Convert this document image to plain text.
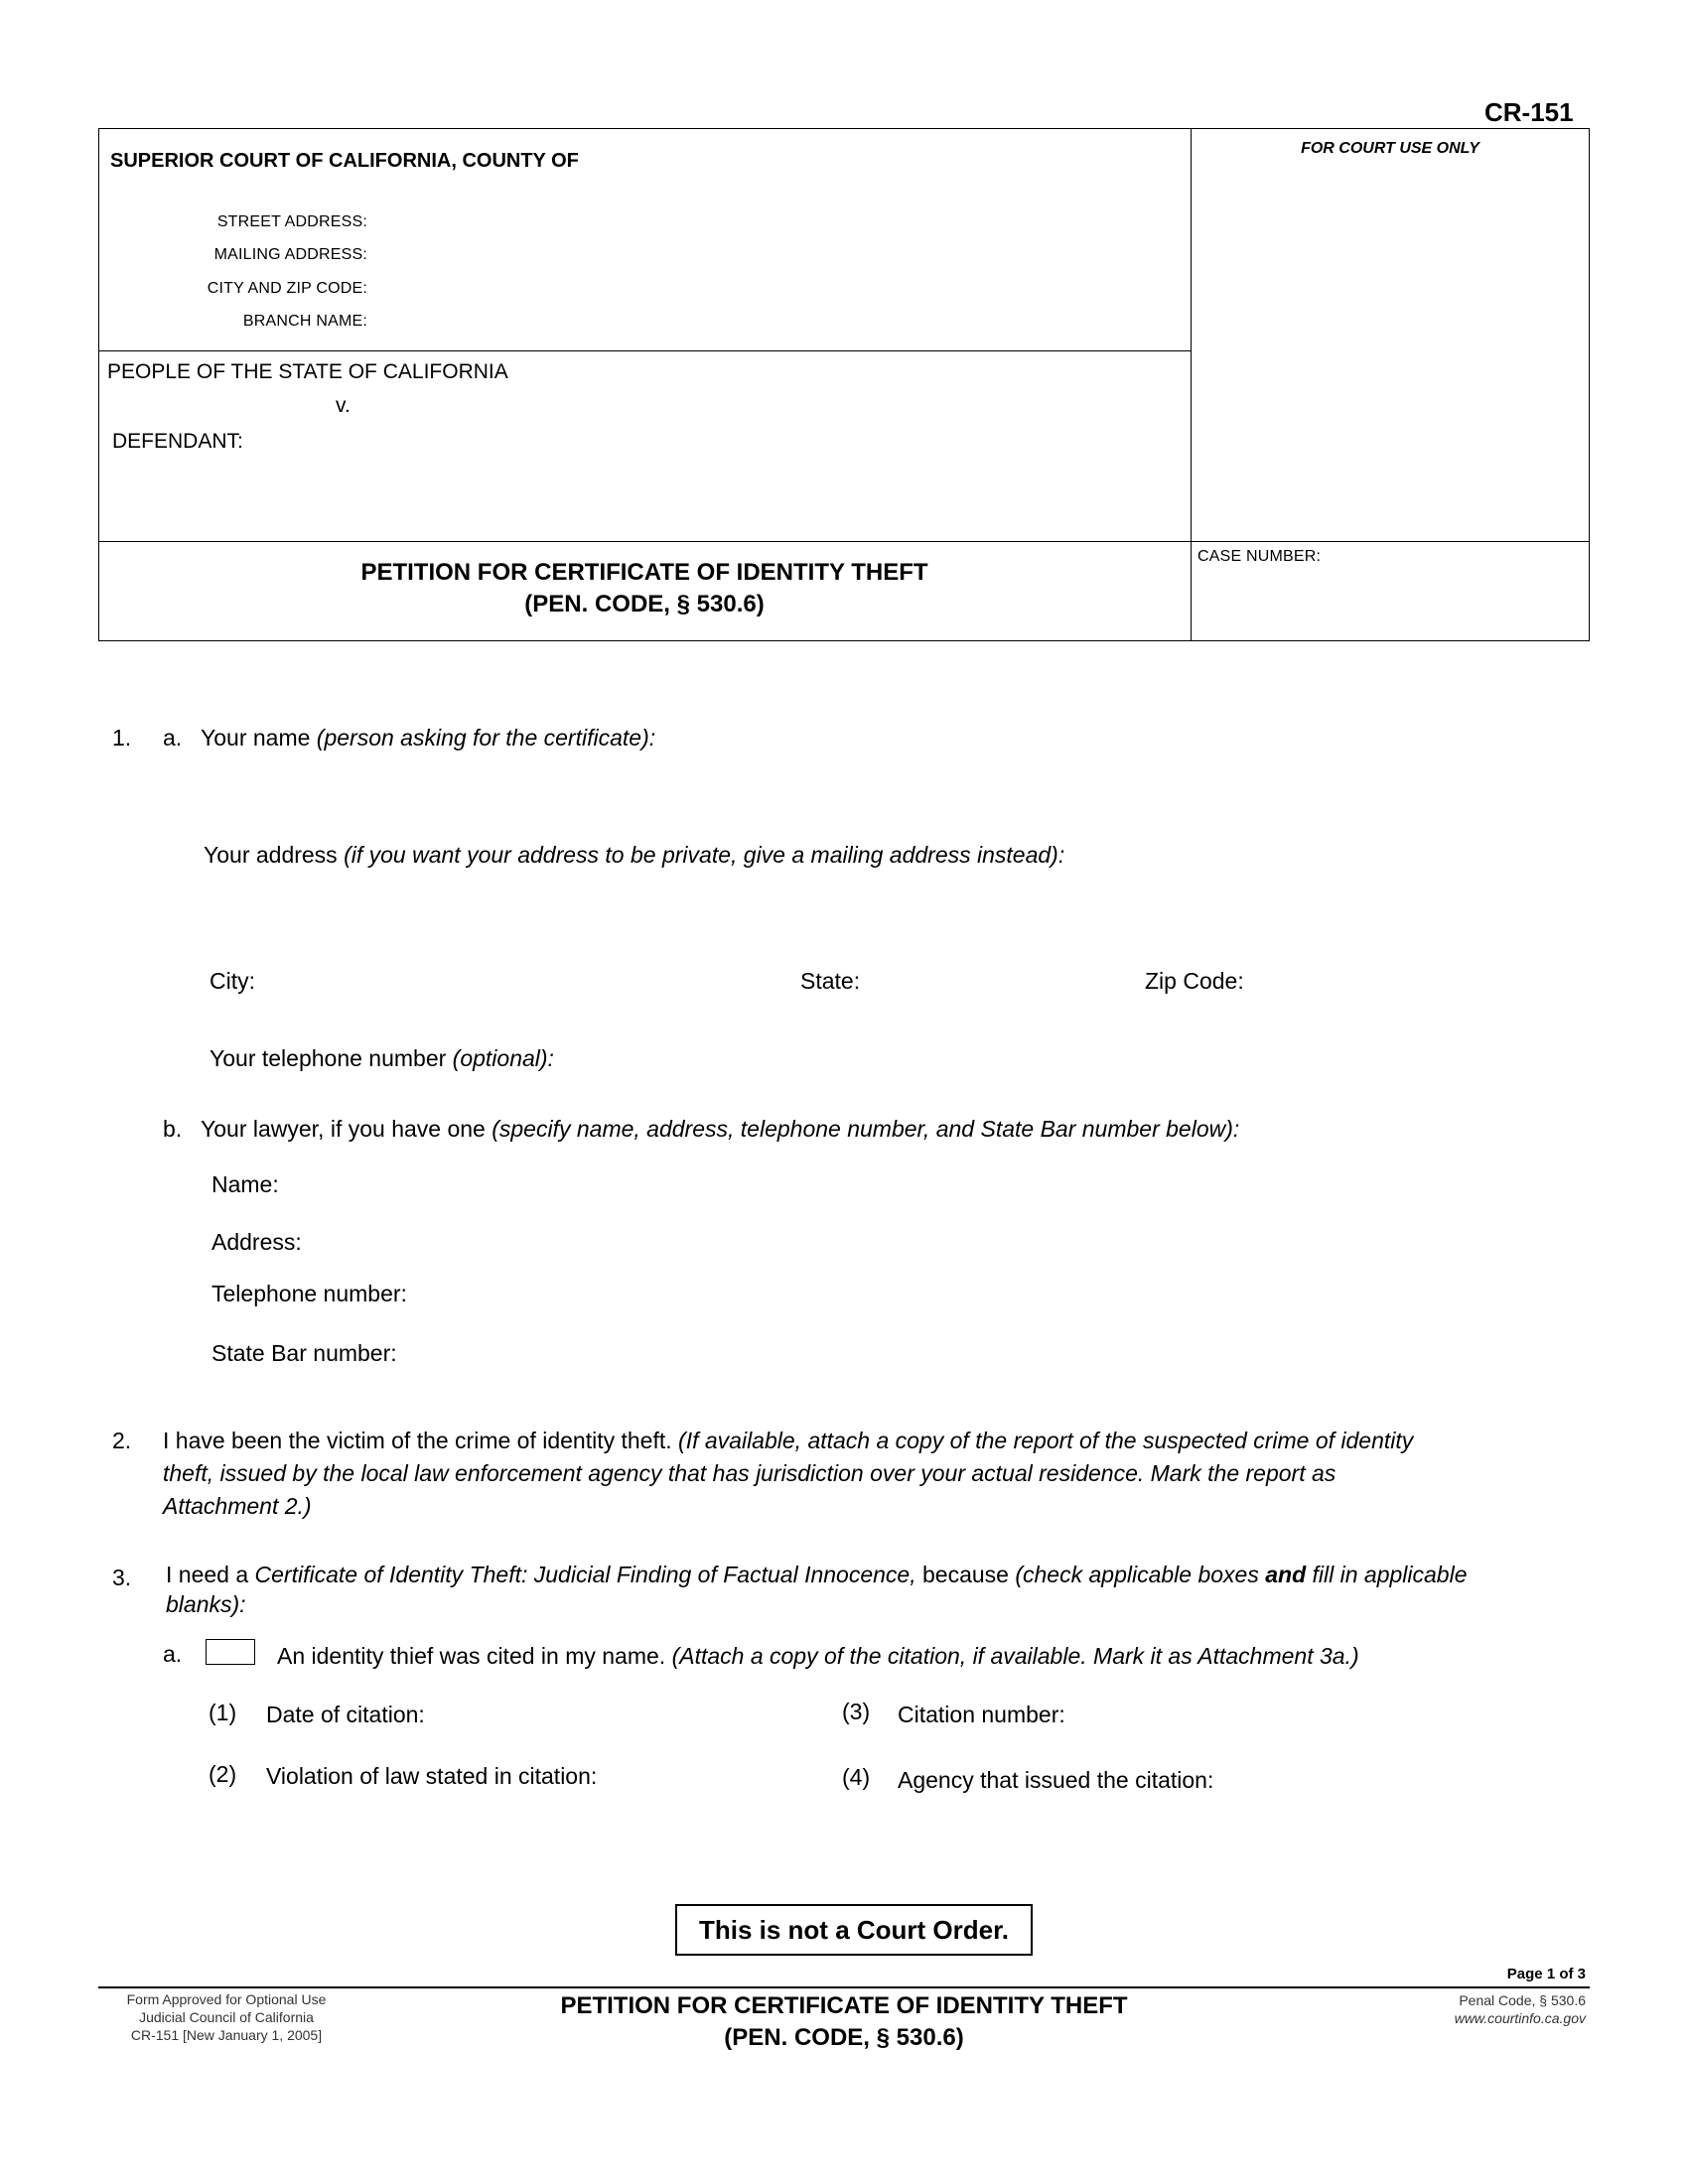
CR-151
SUPERIOR COURT OF CALIFORNIA, COUNTY OF
STREET ADDRESS:
MAILING ADDRESS:
CITY AND ZIP CODE:
BRANCH NAME:
FOR COURT USE ONLY
PEOPLE OF THE STATE OF CALIFORNIA
v.
DEFENDANT:
PETITION FOR CERTIFICATE OF IDENTITY THEFT
(PEN. CODE, § 530.6)
CASE NUMBER:
1. a. Your name (person asking for the certificate):
Your address (if you want your address to be private, give a mailing address instead):
City:	State:	Zip Code:
Your telephone number (optional):
b. Your lawyer, if you have one (specify name, address, telephone number, and State Bar number below):
Name:
Address:
Telephone number:
State Bar number:
2. I have been the victim of the crime of identity theft. (If available, attach a copy of the report of the suspected crime of identity
theft, issued by the local law enforcement agency that has jurisdiction over your actual residence. Mark the report as
Attachment 2.)
3. I need a Certificate of Identity Theft: Judicial Finding of Factual Innocence, because (check applicable boxes and fill in applicable
blanks):
a.	An identity thief was cited in my name. (Attach a copy of the citation, if available. Mark it as Attachment 3a.)
(1) Date of citation:	(3) Citation number:
(2) Violation of law stated in citation:	(4) Agency that issued the citation:
This is not a Court Order.
Page 1 of 3
Form Approved for Optional Use
Judicial Council of California
CR-151 [New January 1, 2005]
PETITION FOR CERTIFICATE OF IDENTITY THEFT
(PEN. CODE, § 530.6)
Penal Code, § 530.6
www.courtinfo.ca.gov
